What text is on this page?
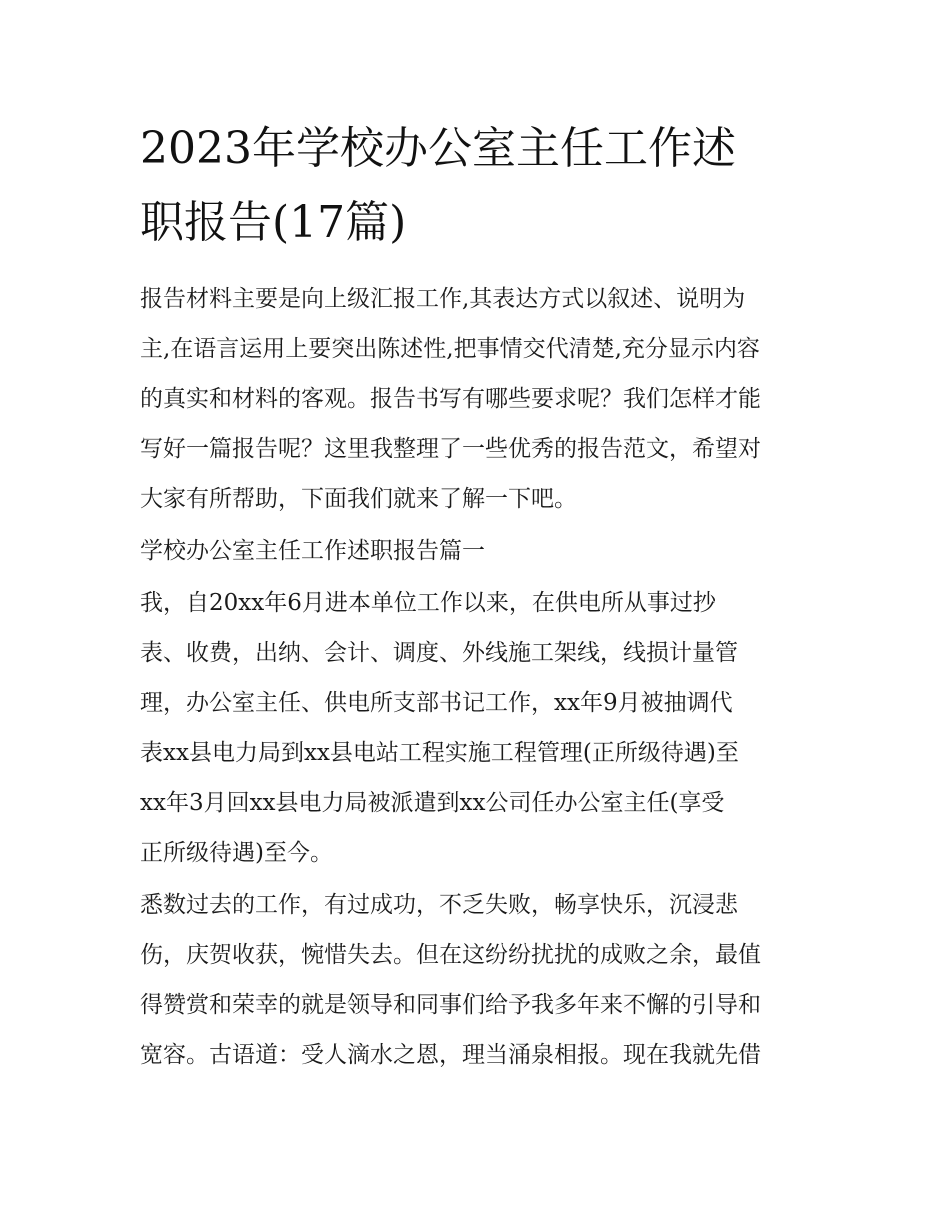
2023年学校办公室主任工作述
职报告(17篇)

报告材料主要是向上级汇报工作,其表达方式以叙述、说明为
主,在语言运用上要突出陈述性,把事情交代清楚,充分显示内容
的真实和材料的客观。报告书写有哪些要求呢？我们怎样才能
写好一篇报告呢？这里我整理了一些优秀的报告范文，希望对
大家有所帮助，下面我们就来了解一下吧。

学校办公室主任工作述职报告篇一

我，自20xx年6月进本单位工作以来，在供电所从事过抄
表、收费，出纳、会计、调度、外线施工架线，线损计量管
理，办公室主任、供电所支部书记工作，xx年9月被抽调代
表xx县电力局到xx县电站工程实施工程管理(正所级待遇)至
xx年3月回xx县电力局被派遣到xx公司任办公室主任(享受
正所级待遇)至今。

悉数过去的工作，有过成功，不乏失败，畅享快乐，沉浸悲
伤，庆贺收获，惋惜失去。但在这纷纷扰扰的成败之余，最值
得赞赏和荣幸的就是领导和同事们给予我多年来不懈的引导和
宽容。古语道：受人滴水之恩，理当涌泉相报。现在我就先借
